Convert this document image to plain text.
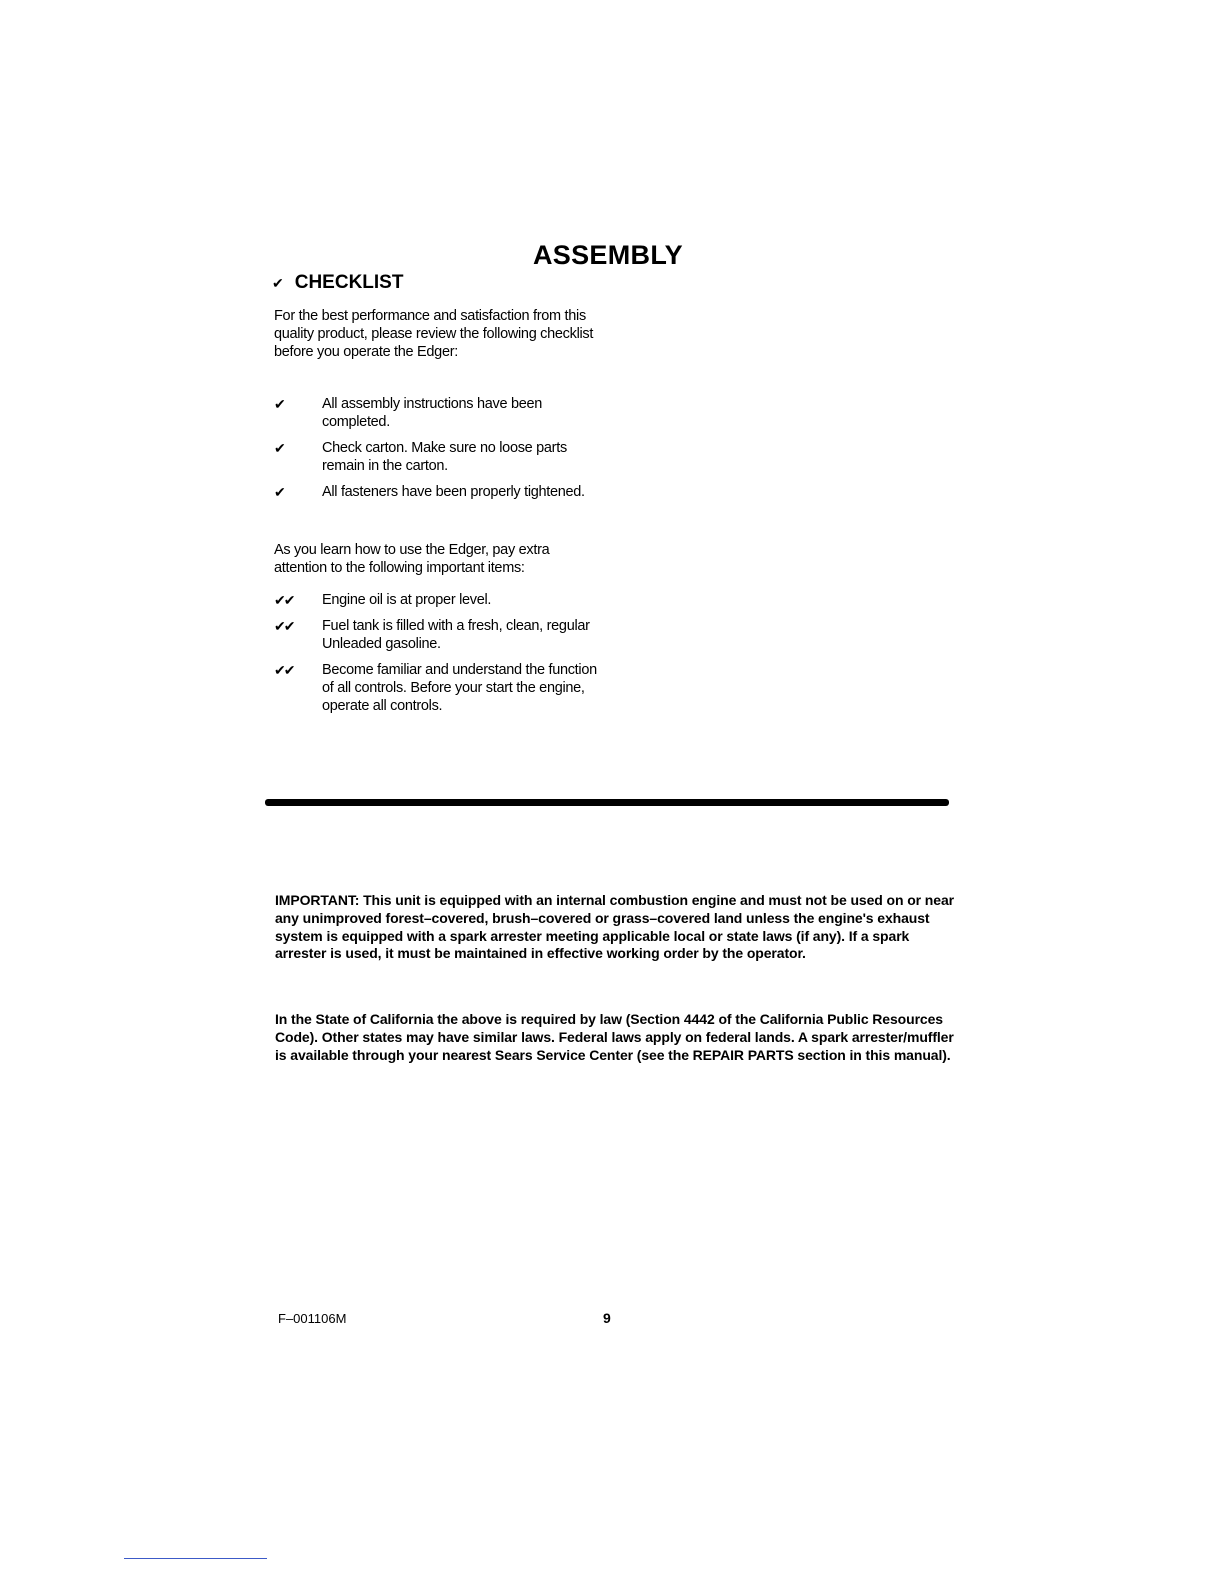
ASSEMBLY
✔ CHECKLIST
For the best performance and satisfaction from this quality product, please review the following checklist before you operate the Edger:
✔	All assembly instructions have been completed.
✔	Check carton. Make sure no loose parts remain in the carton.
✔	All fasteners have been properly tightened.
As you learn how to use the Edger, pay extra attention to the following important items:
✔✔	Engine oil is at proper level.
✔✔	Fuel tank is filled with a fresh, clean, regular Unleaded gasoline.
✔✔	Become familiar and understand the function of all controls. Before your start the engine, operate all controls.
IMPORTANT: This unit is equipped with an internal combustion engine and must not be used on or near any unimproved forest–covered, brush–covered or grass–covered land unless the engine's exhaust system is equipped with a spark arrester meeting applicable local or state laws (if any). If a spark arrester is used, it must be maintained in effective working order by the operator.
In the State of California the above is required by law (Section 4442 of the California Public Resources Code). Other states may have similar laws. Federal laws apply on federal lands. A spark arrester/muffler is available through your nearest Sears Service Center (see the REPAIR PARTS section in this manual).
F–001106M	9
